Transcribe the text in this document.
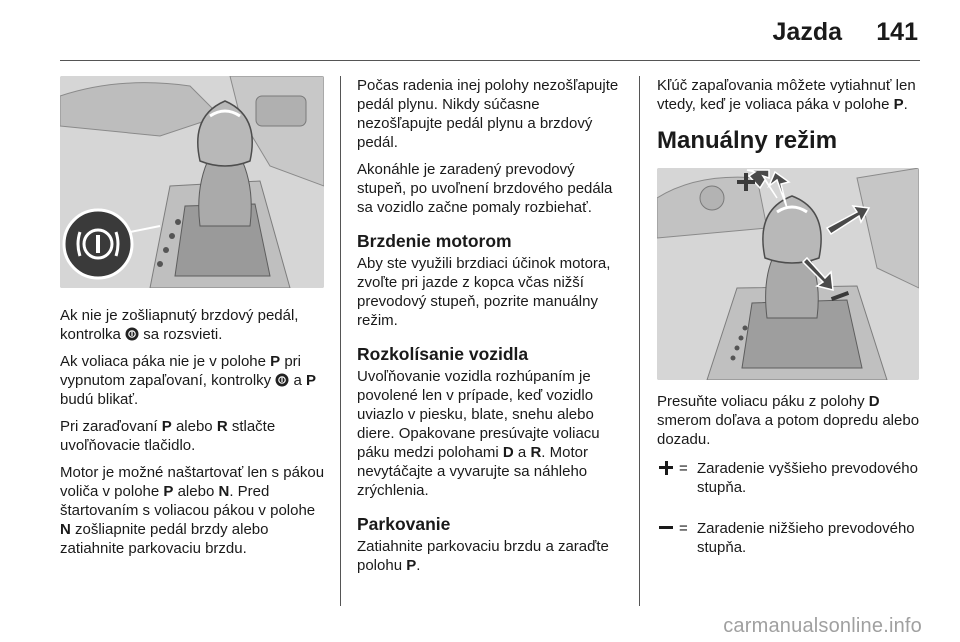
Jazda 141

Ak nie je zošliapnutý brzdový pedál, kontrolka  sa rozsvieti.

Ak voliaca páka nie je v polohe P pri vypnutom zapaľovaní, kontrolky  a P budú blikať.

Pri zaraďovaní P alebo R stlačte uvoľňovacie tlačidlo.

Motor je možné naštartovať len s pákou voliča v polohe P alebo N. Pred štartovaním s voliacou pákou v polohe N zošliapnite pedál brzdy alebo zatiahnite parkovaciu brzdu.

Počas radenia inej polohy nezošľapujte pedál plynu. Nikdy súčasne nezošľapujte pedál plynu a brzdový pedál.

Akonáhle je zaradený prevodový stupeň, po uvoľnení brzdového pedála sa vozidlo začne pomaly rozbiehať.

Brzdenie motorom

Aby ste využili brzdiaci účinok motora, zvoľte pri jazde z kopca včas nižší prevodový stupeň, pozrite manuálny režim.

Rozkolísanie vozidla

Uvoľňovanie vozidla rozhúpaním je povolené len v prípade, keď vozidlo uviazlo v piesku, blate, snehu alebo diere. Opakovane presúvajte voliacu páku medzi polohami D a R. Motor nevytáčajte a vyvarujte sa náhleho zrýchlenia.

Parkovanie

Zatiahnite parkovaciu brzdu a zaraďte polohu P.

Kľúč zapaľovania môžete vytiahnuť len vtedy, keď je voliaca páka v polohe P.

Manuálny režim

Presuňte voliacu páku z polohy D smerom doľava a potom dopredu alebo dozadu.

= Zaradenie vyššieho prevodového stupňa.
= Zaradenie nižšieho prevodového stupňa.
carmanualsonline.info
